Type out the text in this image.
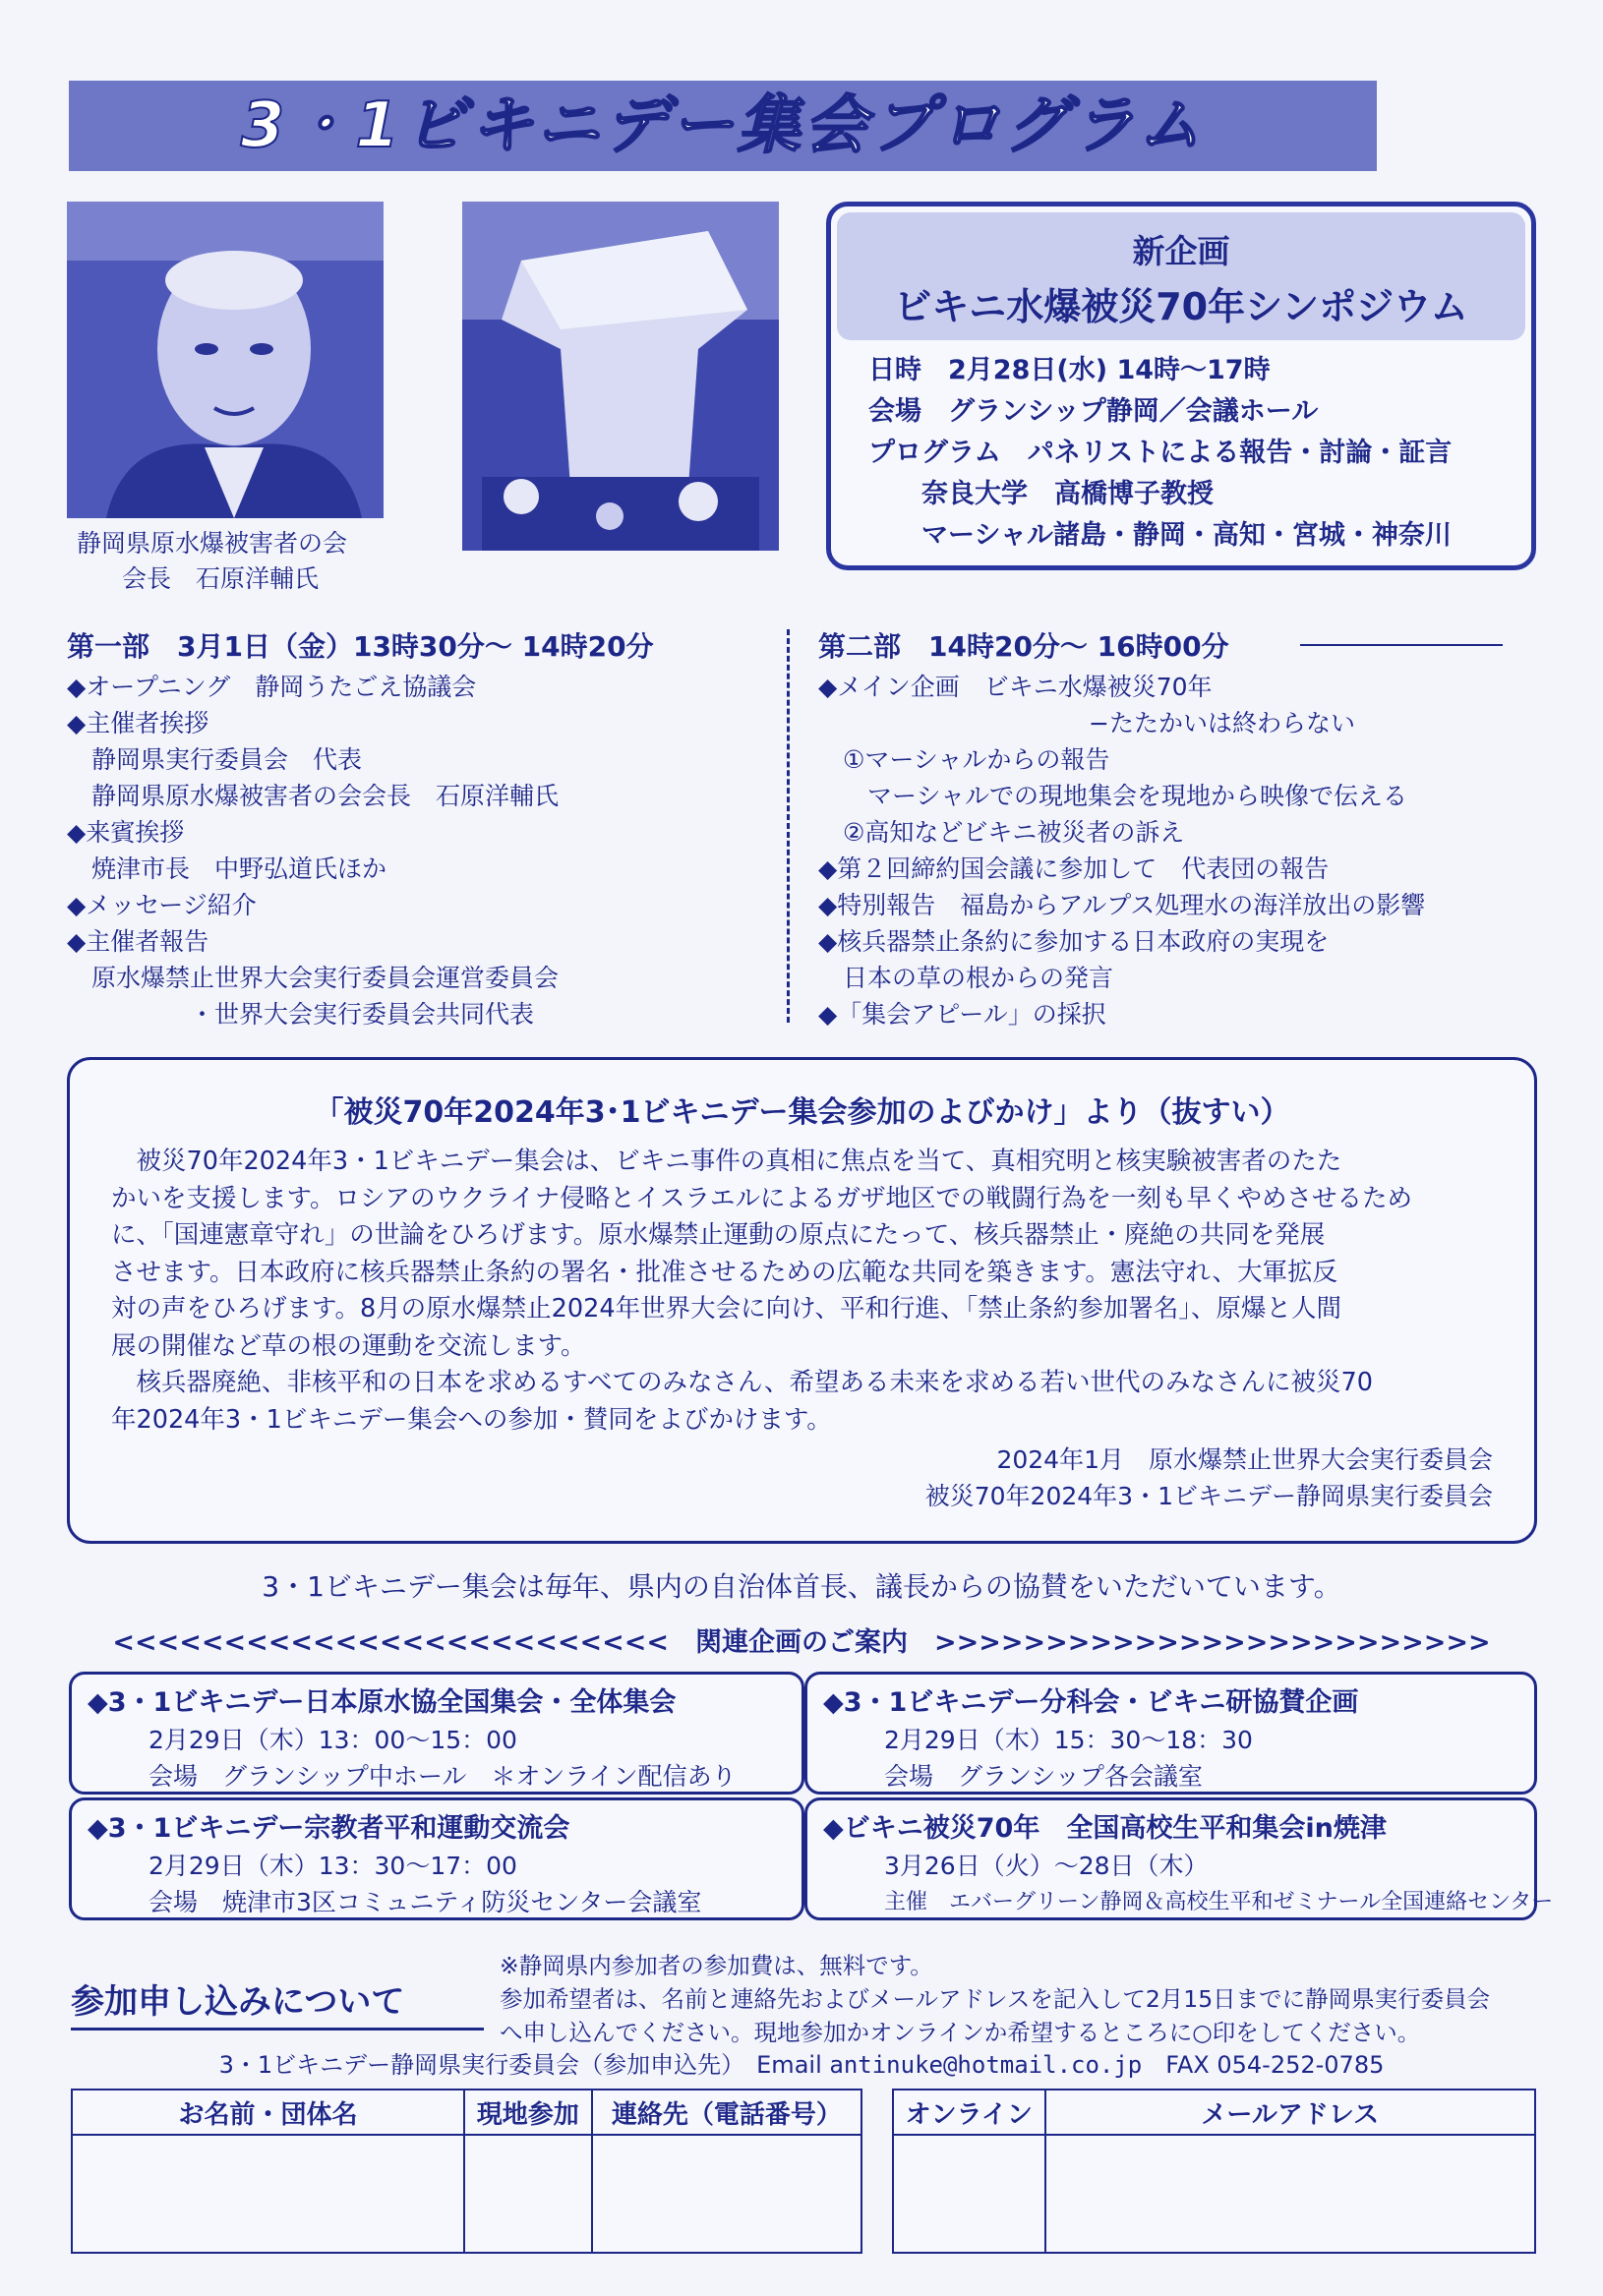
3・1ビキニデー集会プログラム
静岡県原水爆被害者の会
会長　石原洋輔氏
新企画
ビキニ水爆被災70年シンポジウム
日時　2月28日(水) 14時〜17時
会場　グランシップ静岡／会議ホール
プログラム　パネリストによる報告・討論・証言
　　奈良大学　高橋博子教授
　　マーシャル諸島・静岡・高知・宮城・神奈川
第一部　3月1日（金）13時30分〜 14時20分
◆オープニング　静岡うたごえ協議会
◆主催者挨拶
　静岡県実行委員会　代表
　静岡県原水爆被害者の会会長　石原洋輔氏
◆来賓挨拶
　焼津市長　中野弘道氏ほか
◆メッセージ紹介
◆主催者報告
　原水爆禁止世界大会実行委員会運営委員会
　　　　　・世界大会実行委員会共同代表
第二部　14時20分〜 16時00分
◆メイン企画　ビキニ水爆被災70年
　　　　　　　　　　　−たたかいは終わらない
　①マーシャルからの報告
　　マーシャルでの現地集会を現地から映像で伝える
　②高知などビキニ被災者の訴え
◆第２回締約国会議に参加して　代表団の報告
◆特別報告　福島からアルプス処理水の海洋放出の影響
◆核兵器禁止条約に参加する日本政府の実現を
　日本の草の根からの発言
◆「集会アピール」の採択
「被災70年2024年3･1ビキニデー集会参加のよびかけ」より（抜すい）
　被災70年2024年3・1ビキニデー集会は、ビキニ事件の真相に焦点を当て、真相究明と核実験被害者のたた
かいを支援します。ロシアのウクライナ侵略とイスラエルによるガザ地区での戦闘行為を一刻も早くやめさせるため
に、「国連憲章守れ」の世論をひろげます。原水爆禁止運動の原点にたって、核兵器禁止・廃絶の共同を発展
させます。日本政府に核兵器禁止条約の署名・批准させるための広範な共同を築きます。憲法守れ、大軍拡反
対の声をひろげます。8月の原水爆禁止2024年世界大会に向け、平和行進、「禁止条約参加署名」、原爆と人間
展の開催など草の根の運動を交流します。
　核兵器廃絶、非核平和の日本を求めるすべてのみなさん、希望ある未来を求める若い世代のみなさんに被災70
年2024年3・1ビキニデー集会への参加・賛同をよびかけます。
2024年1月　原水爆禁止世界大会実行委員会
被災70年2024年3・1ビキニデー静岡県実行委員会
3・1ビキニデー集会は毎年、県内の自治体首長、議長からの協賛をいただいています。
<<<<<<<<<<<<<<<<<<<<<<<<<　関連企画のご案内　>>>>>>>>>>>>>>>>>>>>>>>>>
◆3・1ビキニデー日本原水協全国集会・全体集会
2月29日（木）13：00〜15：00
会場　グランシップ中ホール　＊オンライン配信あり
◆3・1ビキニデー分科会・ビキニ研協賛企画
2月29日（木）15：30〜18：30
会場　グランシップ各会議室
◆3・1ビキニデー宗教者平和運動交流会
2月29日（木）13：30〜17：00
会場　焼津市3区コミュニティ防災センター会議室
◆ビキニ被災70年　全国高校生平和集会in焼津
3月26日（火）〜28日（木）
主催　エバーグリーン静岡＆高校生平和ゼミナール全国連絡センター
参加申し込みについて
※静岡県内参加者の参加費は、無料です。
参加希望者は、名前と連絡先およびメールアドレスを記入して2月15日までに静岡県実行委員会
へ申し込んでください。現地参加かオンラインか希望するところに○印をしてください。
3・1ビキニデー静岡県実行委員会（参加申込先）　Email antinuke@hotmail.co.jp　FAX 054-252-0785
お名前・団体名	現地参加	連絡先（電話番号）
		オンライン	メールアドレス
